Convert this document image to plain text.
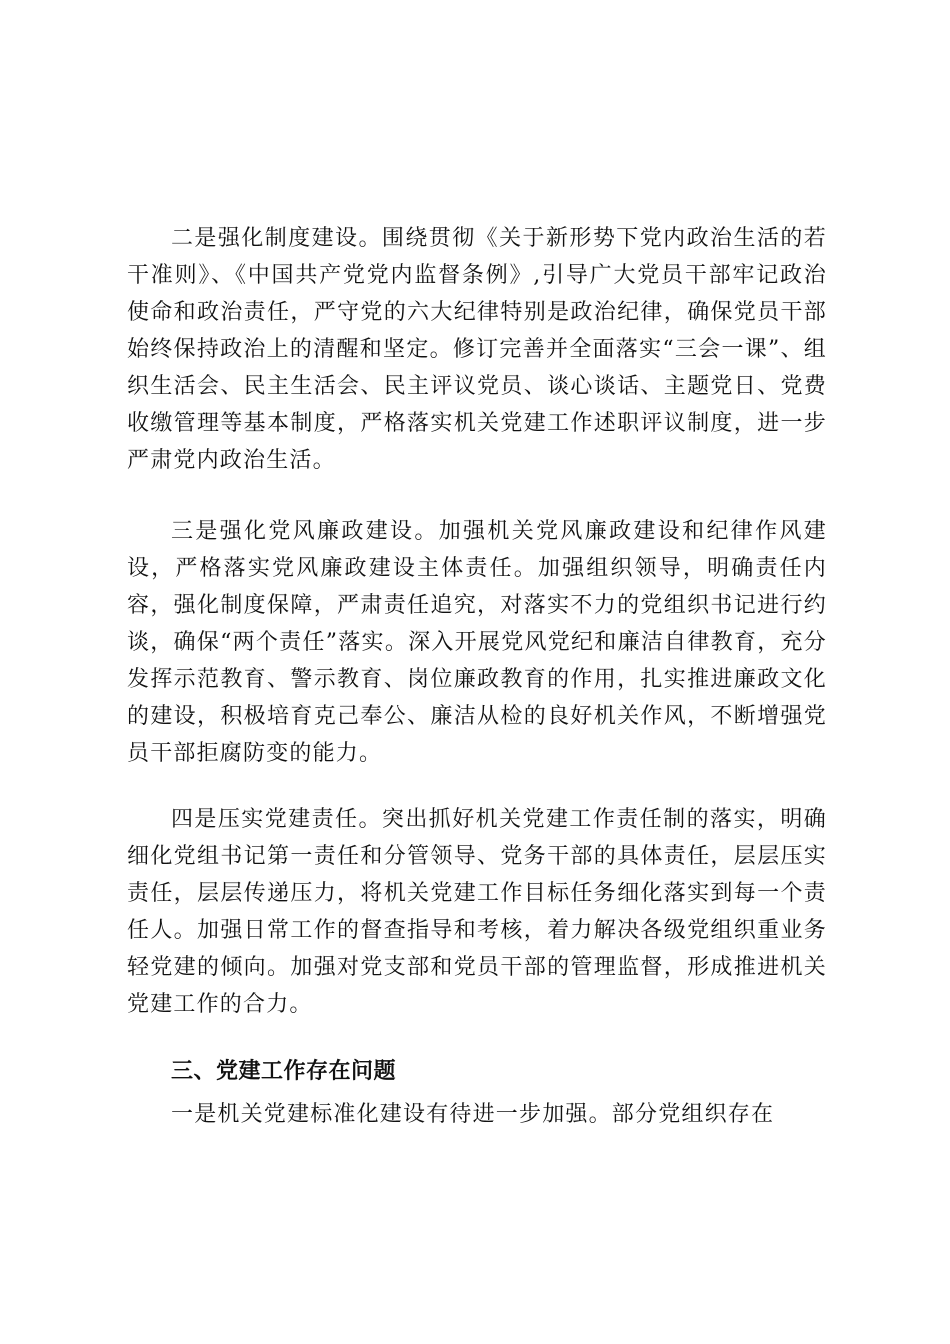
二是强化制度建设。围绕贯彻《关于新形势下党内政治生活的若干准则》、《中国共产党党内监督条例》,引导广大党员干部牢记政治使命和政治责任，严守党的六大纪律特别是政治纪律，确保党员干部始终保持政治上的清醒和坚定。修订完善并全面落实“三会一课”、组织生活会、民主生活会、民主评议党员、谈心谈话、主题党日、党费收缴管理等基本制度，严格落实机关党建工作述职评议制度，进一步严肃党内政治生活。

三是强化党风廉政建设。加强机关党风廉政建设和纪律作风建设，严格落实党风廉政建设主体责任。加强组织领导，明确责任内容，强化制度保障，严肃责任追究，对落实不力的党组织书记进行约谈，确保“两个责任”落实。深入开展党风党纪和廉洁自律教育，充分发挥示范教育、警示教育、岗位廉政教育的作用，扎实推进廉政文化的建设，积极培育克己奉公、廉洁从检的良好机关作风，不断增强党员干部拒腐防变的能力。

四是压实党建责任。突出抓好机关党建工作责任制的落实，明确细化党组书记第一责任和分管领导、党务干部的具体责任，层层压实责任，层层传递压力，将机关党建工作目标任务细化落实到每一个责任人。加强日常工作的督查指导和考核，着力解决各级党组织重业务轻党建的倾向。加强对党支部和党员干部的管理监督，形成推进机关党建工作的合力。

三、党建工作存在问题

一是机关党建标准化建设有待进一步加强。部分党组织存在
